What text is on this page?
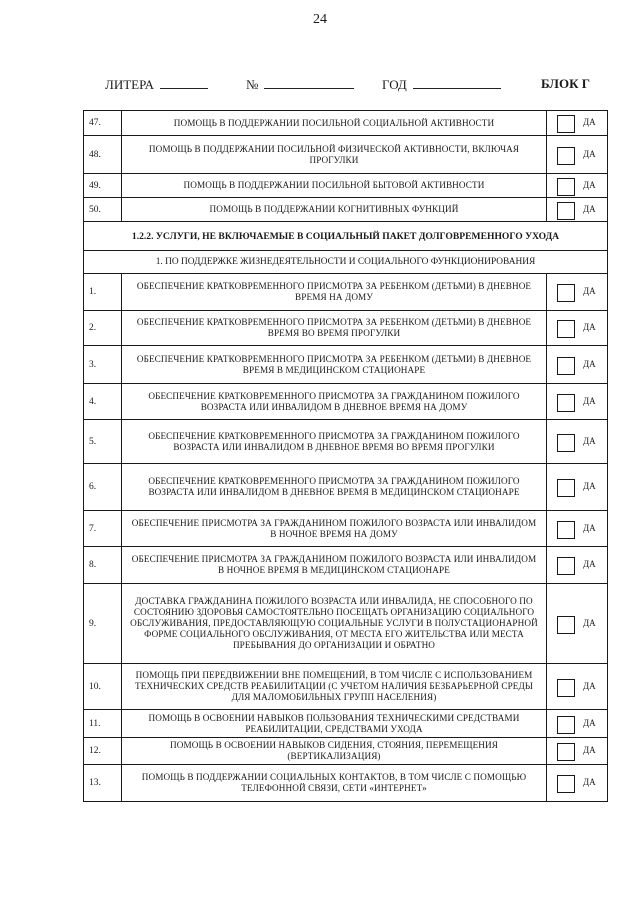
24
ЛИТЕРА	№	ГОД	БЛОК Г
47.	ПОМОЩЬ В ПОДДЕРЖАНИИ ПОСИЛЬНОЙ СОЦИАЛЬНОЙ АКТИВНОСТИ	ДА

48.	ПОМОЩЬ В ПОДДЕРЖАНИИ ПОСИЛЬНОЙ ФИЗИЧЕСКОЙ АКТИВНОСТИ, ВКЛЮЧАЯ ПРОГУЛКИ	ДА

49.	ПОМОЩЬ В ПОДДЕРЖАНИИ ПОСИЛЬНОЙ БЫТОВОЙ АКТИВНОСТИ	ДА

50.	ПОМОЩЬ В ПОДДЕРЖАНИИ КОГНИТИВНЫХ ФУНКЦИЙ	ДА

1.2.2. УСЛУГИ, НЕ ВКЛЮЧАЕМЫЕ В СОЦИАЛЬНЫЙ ПАКЕТ ДОЛГОВРЕМЕННОГО УХОДА		
1. ПО ПОДДЕРЖКЕ ЖИЗНЕДЕЯТЕЛЬНОСТИ И СОЦИАЛЬНОГО ФУНКЦИОНИРОВАНИЯ		
1.	ОБЕСПЕЧЕНИЕ КРАТКОВРЕМЕННОГО ПРИСМОТРА ЗА РЕБЕНКОМ (ДЕТЬМИ) В ДНЕВНОЕ ВРЕМЯ НА ДОМУ	ДА

2.	ОБЕСПЕЧЕНИЕ КРАТКОВРЕМЕННОГО ПРИСМОТРА ЗА РЕБЕНКОМ (ДЕТЬМИ) В ДНЕВНОЕ ВРЕМЯ ВО ВРЕМЯ ПРОГУЛКИ	ДА

3.	ОБЕСПЕЧЕНИЕ КРАТКОВРЕМЕННОГО ПРИСМОТРА ЗА РЕБЕНКОМ (ДЕТЬМИ) В ДНЕВНОЕ ВРЕМЯ В МЕДИЦИНСКОМ СТАЦИОНАРЕ	ДА

4.	ОБЕСПЕЧЕНИЕ КРАТКОВРЕМЕННОГО ПРИСМОТРА ЗА ГРАЖДАНИНОМ ПОЖИЛОГО ВОЗРАСТА ИЛИ ИНВАЛИДОМ В ДНЕВНОЕ ВРЕМЯ НА ДОМУ	ДА

5.	ОБЕСПЕЧЕНИЕ КРАТКОВРЕМЕННОГО ПРИСМОТРА ЗА ГРАЖДАНИНОМ ПОЖИЛОГО ВОЗРАСТА ИЛИ ИНВАЛИДОМ В ДНЕВНОЕ ВРЕМЯ ВО ВРЕМЯ ПРОГУЛКИ	ДА

6.	ОБЕСПЕЧЕНИЕ КРАТКОВРЕМЕННОГО ПРИСМОТРА ЗА ГРАЖДАНИНОМ ПОЖИЛОГО ВОЗРАСТА ИЛИ ИНВАЛИДОМ В ДНЕВНОЕ ВРЕМЯ В МЕДИЦИНСКОМ СТАЦИОНАРЕ	ДА

7.	ОБЕСПЕЧЕНИЕ ПРИСМОТРА ЗА ГРАЖДАНИНОМ ПОЖИЛОГО ВОЗРАСТА ИЛИ ИНВАЛИДОМ В НОЧНОЕ ВРЕМЯ НА ДОМУ	ДА

8.	ОБЕСПЕЧЕНИЕ ПРИСМОТРА ЗА ГРАЖДАНИНОМ ПОЖИЛОГО ВОЗРАСТА ИЛИ ИНВАЛИДОМ В НОЧНОЕ ВРЕМЯ В МЕДИЦИНСКОМ СТАЦИОНАРЕ	ДА

9.	ДОСТАВКА ГРАЖДАНИНА ПОЖИЛОГО ВОЗРАСТА ИЛИ ИНВАЛИДА, НЕ СПОСОБНОГО ПО СОСТОЯНИЮ ЗДОРОВЬЯ САМОСТОЯТЕЛЬНО ПОСЕЩАТЬ ОРГАНИЗАЦИЮ СОЦИАЛЬНОГО ОБСЛУЖИВАНИЯ, ПРЕДОСТАВЛЯЮЩУЮ СОЦИАЛЬНЫЕ УСЛУГИ В ПОЛУСТАЦИОНАРНОЙ ФОРМЕ СОЦИАЛЬНОГО ОБСЛУЖИВАНИЯ, ОТ МЕСТА ЕГО ЖИТЕЛЬСТВА ИЛИ МЕСТА ПРЕБЫВАНИЯ ДО ОРГАНИЗАЦИИ И ОБРАТНО	ДА

10.	ПОМОЩЬ ПРИ ПЕРЕДВИЖЕНИИ ВНЕ ПОМЕЩЕНИЙ, В ТОМ ЧИСЛЕ С ИСПОЛЬЗОВАНИЕМ ТЕХНИЧЕСКИХ СРЕДСТВ РЕАБИЛИТАЦИИ (С УЧЕТОМ НАЛИЧИЯ БЕЗБАРЬЕРНОЙ СРЕДЫ ДЛЯ МАЛОМОБИЛЬНЫХ ГРУПП НАСЕЛЕНИЯ)	ДА

11.	ПОМОЩЬ В ОСВОЕНИИ НАВЫКОВ ПОЛЬЗОВАНИЯ ТЕХНИЧЕСКИМИ СРЕДСТВАМИ РЕАБИЛИТАЦИИ, СРЕДСТВАМИ УХОДА	ДА

12.	ПОМОЩЬ В ОСВОЕНИИ НАВЫКОВ СИДЕНИЯ, СТОЯНИЯ, ПЕРЕМЕЩЕНИЯ (ВЕРТИКАЛИЗАЦИЯ)	ДА

13.	ПОМОЩЬ В ПОДДЕРЖАНИИ СОЦИАЛЬНЫХ КОНТАКТОВ, В ТОМ ЧИСЛЕ С ПОМОЩЬЮ ТЕЛЕФОННОЙ СВЯЗИ, СЕТИ «ИНТЕРНЕТ»	ДА
